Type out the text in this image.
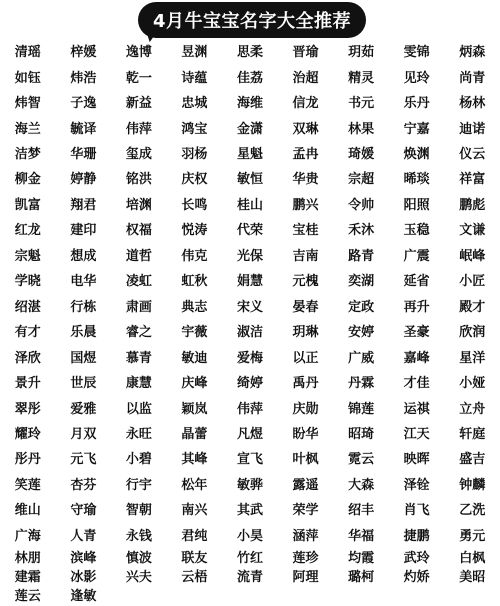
4月牛宝宝名字大全推荐
清瑶	梓媛	逸博	昱渊	思柔	晋瑜	玥茹	雯锦	炳森
如钰	炜浩	乾一	诗蕴	佳荔	治超	精灵	见玲	尚青
炜智	子逸	新益	忠城	海维	信龙	书元	乐丹	杨林
海兰	毓译	伟萍	鸿宝	金潇	双琳	林果	宁嘉	迪诺
洁梦	华珊	玺成	羽杨	星魁	孟冉	琦媛	焕渊	仪云
柳金	婷静	铭洪	庆权	敏恒	华贵	宗超	晞琰	祥富
凯富	翔君	培渊	长鸣	桂山	鹏兴	令帅	阳照	鹏彪
红龙	建印	权福	悦涛	代荣	宝桂	禾沐	玉稳	文谦
宗魁	想成	道哲	伟克	光保	吉南	路青	广震	岷峰
学晓	电华	凌虹	虹秋	娟慧	元槐	奕湖	延省	小匠
绍湛	行栋	肃画	典志	宋义	晏春	定政	再升	殿才
有才	乐晨	睿之	宇薇	淑洁	玥琳	安婷	圣豪	欣润
泽欣	国煜	慕青	敏迪	爱梅	以正	广威	嘉峰	星洋
景升	世辰	康慧	庆峰	绮婷	禹丹	丹霖	才佳	小娅
翠彤	爱雅	以监	颖岚	伟萍	庆勋	锦莲	运祺	立舟
耀玲	月双	永旺	晶蕾	凡煜	盼华	昭琦	江天	轩庭
彤丹	元飞	小碧	其峰	宣飞	叶枫	霓云	映晖	盛吉
笑莲	杏芬	行宇	松年	敏骅	露遥	大森	泽铨	钟麟
维山	守瑜	智朝	南兴	其武	荣学	绍丰	肖飞	乙洗
广海	人青	永钱	君纯	小昊	涵萍	华福	捷鹏	勇元
林朋	滨峰	慎波	联友	竹红	莲珍	均霞	武玲	白枫
建霜	冰影	兴夫	云梧	流青	阿理	璐柯	灼娇	美昭
莲云	逢敏
